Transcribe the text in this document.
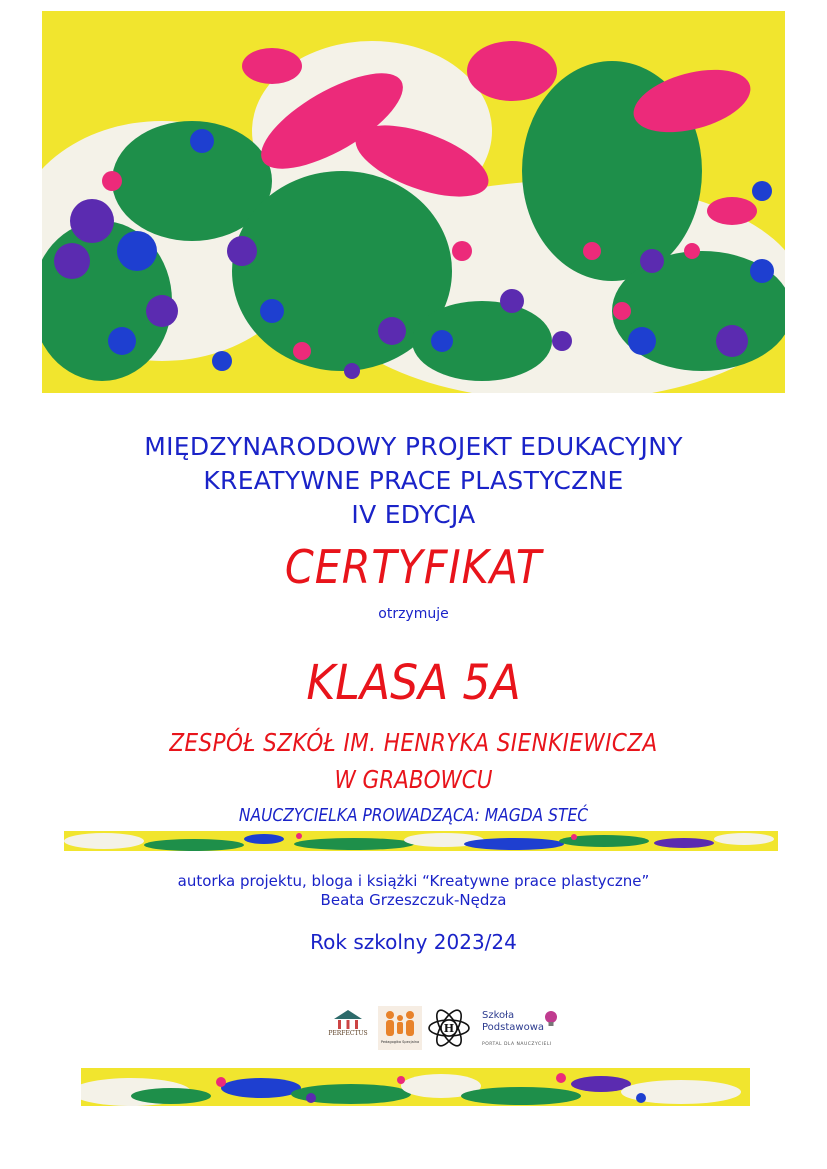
MIĘDZYNARODOWY PROJEKT EDUKACYJNY
KREATYWNE PRACE PLASTYCZNE
IV EDYCJA
CERTYFIKAT
otrzymuje
KLASA 5A
ZESPÓŁ SZKÓŁ IM. HENRYKA SIENKIEWICZA
W GRABOWCU
NAUCZYCIELKA PROWADZĄCA: MAGDA STEĆ
autorka projektu, bloga i książki “Kreatywne prace plastyczne”
Beata Grzeszczuk-Nędza
Rok szkolny 2023/24
PERFECTUS
Pedagogika Specjalna
H
Szkoła
Podstawowa
PORTAL DLA NAUCZYCIELI
